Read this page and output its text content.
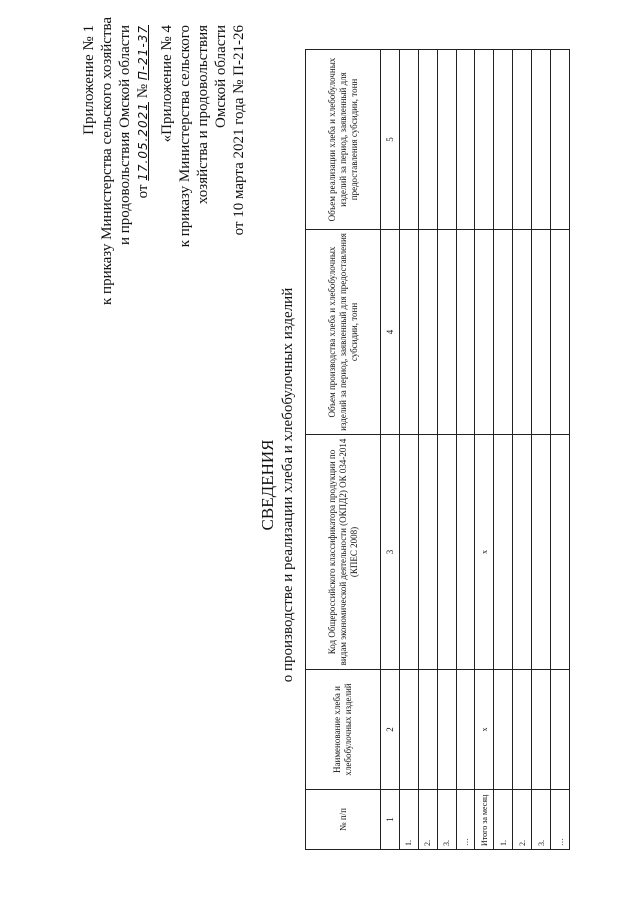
Приложение № 1 к приказу Министерства сельского хозяйства и продовольствия Омской области от 17.05.2021 № П-21-37 «Приложение № 4 к приказу Министерства сельского хозяйства и продовольствия Омской области от 10 марта 2021 года № П-21-26
СВЕДЕНИЯ о производстве и реализации хлеба и хлебобулочных изделий
№ п/п	Наименование хлеба и хлебобулочных изделий	Код Общероссийского классификатора продукции по видам экономической деятельности (ОКПД2) ОК 034-2014 (КПЕС 2008)	Объем производства хлеба и хлебобулочных изделий за период, заявленный для предоставления субсидии, тонн	Объем реализации хлеба и хлебобулочных изделий за период, заявленный для предоставления субсидии, тонн
1	2	3	4	5
1.				
2.				
3.				
…				
Итого за месяц	х	х		
1.				
2.				
3.				
…				
